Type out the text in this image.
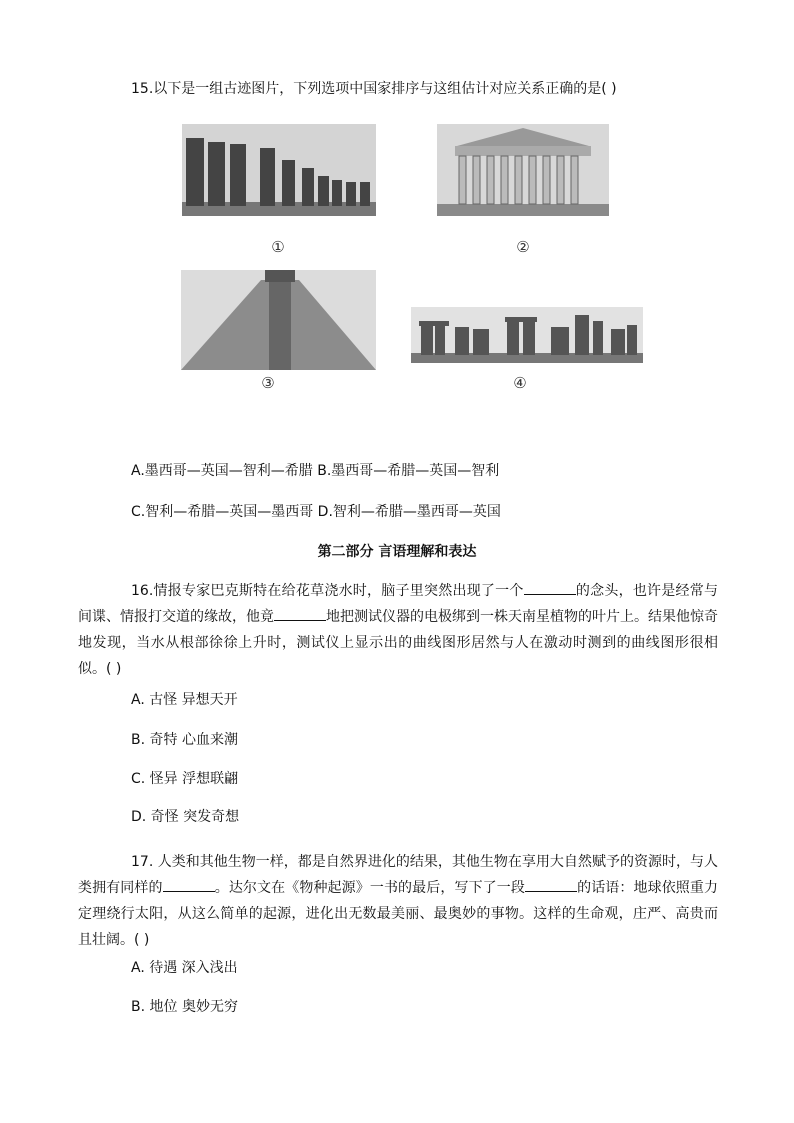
15.以下是一组古迹图片，下列选项中国家排序与这组估计对应关系正确的是( )
①	②
③	④
A.墨西哥—英国—智利—希腊 B.墨西哥—希腊—英国—智利
C.智利—希腊—英国—墨西哥 D.智利—希腊—墨西哥—英国
第二部分 言语理解和表达
16.情报专家巴克斯特在给花草浇水时，脑子里突然出现了一个	的念头，也许是经常与间谍、情报打交道的缘故，他竟	地把测试仪器的电极绑到一株天南星植物的叶片上。结果他惊奇地发现，当水从根部徐徐上升时，测试仪上显示出的曲线图形居然与人在激动时测到的曲线图形很相似。( )
A. 古怪 异想天开
B. 奇特 心血来潮
C. 怪异 浮想联翩
D. 奇怪 突发奇想
17. 人类和其他生物一样，都是自然界进化的结果，其他生物在享用大自然赋予的资源时，与人类拥有同样的	。达尔文在《物种起源》一书的最后，写下了一段	的话语：地球依照重力定理绕行太阳，从这么简单的起源，进化出无数最美丽、最奥妙的事物。这样的生命观，庄严、高贵而且壮阔。( )
A. 待遇 深入浅出
B. 地位 奥妙无穷
